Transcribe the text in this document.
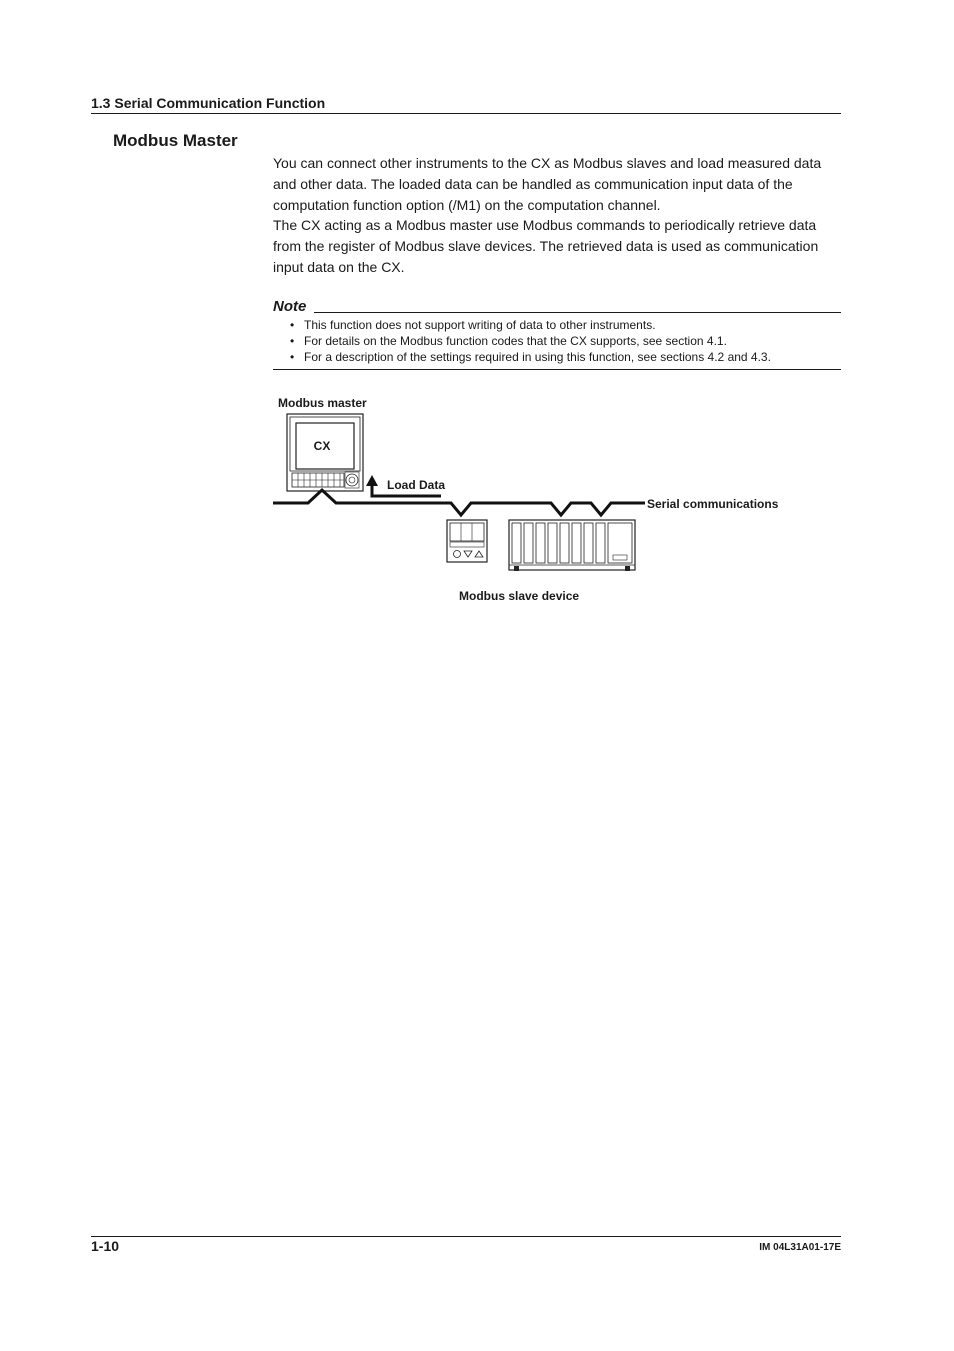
1.3 Serial Communication Function
Modbus Master

You can connect other instruments to the CX as Modbus slaves and load measured data and other data. The loaded data can be handled as communication input data of the computation function option (/M1) on the computation channel.

The CX acting as a Modbus master use Modbus commands to periodically retrieve data from the register of Modbus slave devices. The retrieved data is used as communication input data on the CX.

Note
• This function does not support writing of data to other instruments.
• For details on the Modbus function codes that the CX supports, see section 4.1.
• For a description of the settings required in using this function, see sections 4.2 and 4.3.
Modbus master
Load Data
Serial communications
Modbus slave device
CX
1-10	IM 04L31A01-17E
